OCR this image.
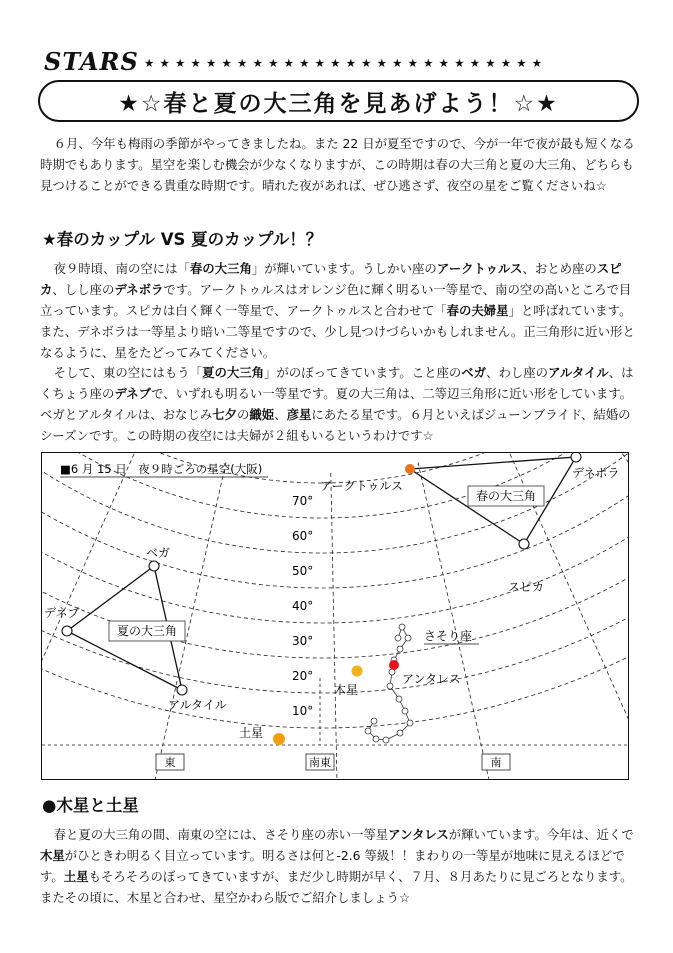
STARS ★★★★★★★★★★★★★★★★★★★★★★★★★★
★☆春と夏の大三角を見あげよう！☆★

６月、今年も梅雨の季節がやってきましたね。また 22 日が夏至ですので、今が一年で夜が最も短くなる時期でもあります。星空を楽しむ機会が少なくなりますが、この時期は春の大三角と夏の大三角、どちらも見つけることができる貴重な時期です。晴れた夜があれば、ぜひ逃さず、夜空の星をご覧くださいね☆

★春のカップル VS 夏のカップル！？

夜９時頃、南の空には「春の大三角」が輝いています。うしかい座のアークトゥルス、おとめ座のスピカ、しし座のデネボラです。アークトゥルスはオレンジ色に輝く明るい一等星で、南の空の高いところで目立っています。スピカは白く輝く一等星で、アークトゥルスと合わせて「春の夫婦星」と呼ばれています。また、デネボラは一等星より暗い二等星ですので、少し見つけづらいかもしれません。正三角形に近い形となるように、星をたどってみてください。

そして、東の空にはもう「夏の大三角」がのぼってきています。こと座のベガ、わし座のアルタイル、はくちょう座のデネブで、いずれも明るい一等星です。夏の大三角は、二等辺三角形に近い形をしています。ベガとアルタイルは、おなじみ七夕の織姫、彦星にあたる星です。６月といえばジューンブライド、結婚のシーズンです。この時期の夜空には夫婦が２組もいるというわけです☆

■6 月 15 日　夜９時ごろの星空(大阪)
70°
60°
50°
40°
30°
20°
10°
東	南東	南
春の大三角
夏の大三角
アークトゥルス
デネボラ
スピカ
ベガ
デネブ
アルタイル
アンタレス
さそり座
木星
土星
●木星と土星

春と夏の大三角の間、南東の空には、さそり座の赤い一等星アンタレスが輝いています。今年は、近くで木星がひときわ明るく目立っています。明るさは何と-2.6 等級！！まわりの一等星が地味に見えるほどです。土星もそろそろのぼってきていますが、まだ少し時期が早く、７月、８月あたりに見ごろとなります。またその頃に、木星と合わせ、星空かわら版でご紹介しましょう☆
